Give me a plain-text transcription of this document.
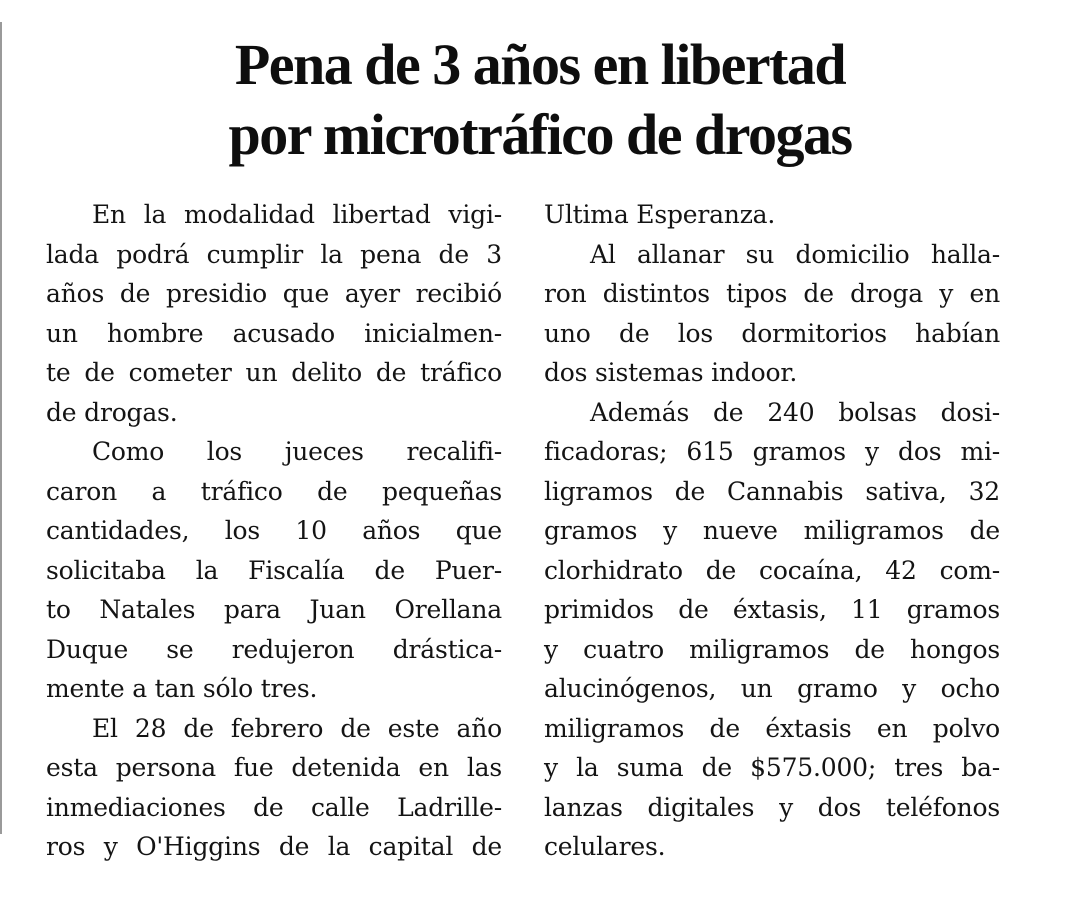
Pena de 3 años en libertad
por microtráfico de drogas
En la modalidad libertad vigi-
lada podrá cumplir la pena de 3
años de presidio que ayer recibió
un hombre acusado inicialmen-
te de cometer un delito de tráfico
de drogas.
Como los jueces recalifi-
caron a tráfico de pequeñas
cantidades, los 10 años que
solicitaba la Fiscalía de Puer-
to Natales para Juan Orellana
Duque se redujeron drástica-
mente a tan sólo tres.
El 28 de febrero de este año
esta persona fue detenida en las
inmediaciones de calle Ladrille-
ros y O'Higgins de la capital de
Ultima Esperanza.
Al allanar su domicilio halla-
ron distintos tipos de droga y en
uno de los dormitorios habían
dos sistemas indoor.
Además de 240 bolsas dosi-
ficadoras; 615 gramos y dos mi-
ligramos de Cannabis sativa, 32
gramos y nueve miligramos de
clorhidrato de cocaína, 42 com-
primidos de éxtasis, 11 gramos
y cuatro miligramos de hongos
alucinógenos, un gramo y ocho
miligramos de éxtasis en polvo
y la suma de $575.000; tres ba-
lanzas digitales y dos teléfonos
celulares.
